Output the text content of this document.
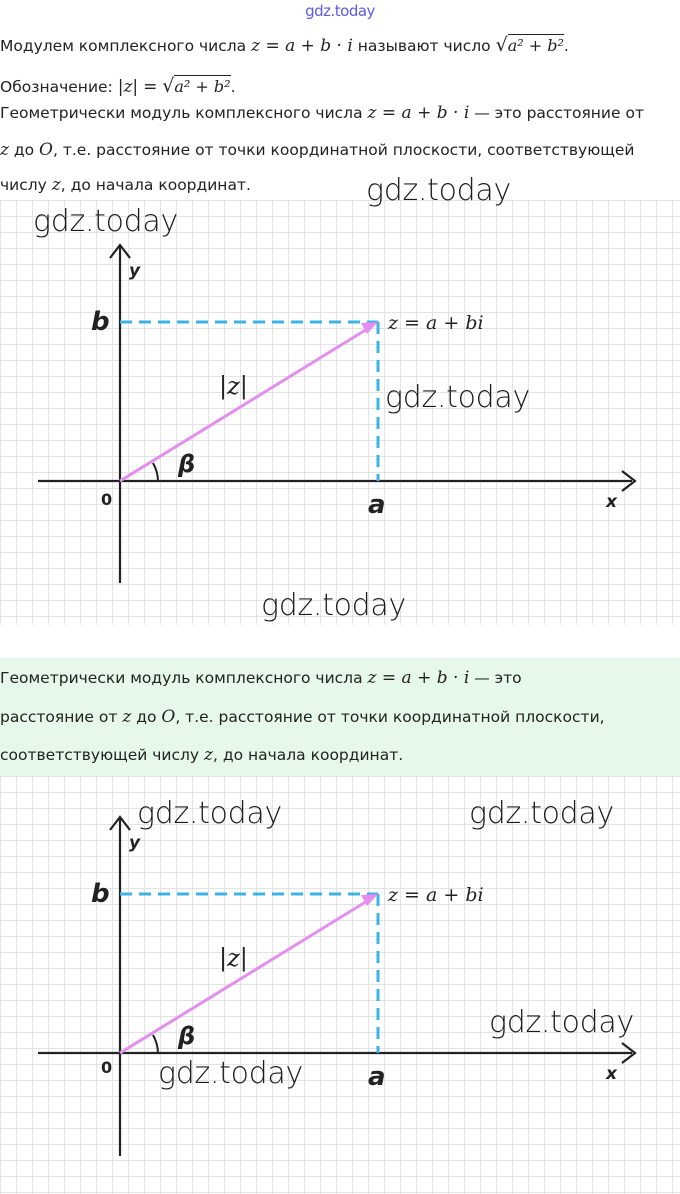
gdz.today
Модулем комплексного числа z = a + b · i называют число √a² + b².
Обозначение: |z| = √a² + b².
Геометрически модуль комплексного числа z = a + b · i — это расстояние от
z до O, т.е. расстояние от точки координатной плоскости, соответствующей
числу z, до начала координат.
y
x
0
b
a
z = a + bi
|z|
β
Геометрически модуль комплексного числа z = a + b · i — это
расстояние от z до O, т.е. расстояние от точки координатной плоскости,
соответствующей числу z, до начала координат.
y
x
0
b
a
z = a + bi
|z|
β
gdz.today
gdz.today
gdz.today
gdz.today
gdz.today	gdz.today
gdz.today
gdz.today
